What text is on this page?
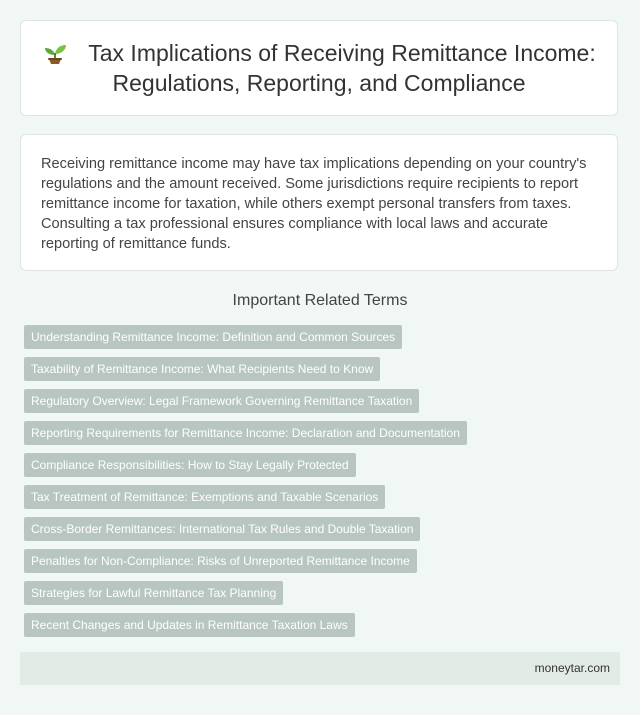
Tax Implications of Receiving Remittance Income: Regulations, Reporting, and Compliance

Receiving remittance income may have tax implications depending on your country's regulations and the amount received. Some jurisdictions require recipients to report remittance income for taxation, while others exempt personal transfers from taxes. Consulting a tax professional ensures compliance with local laws and accurate reporting of remittance funds.

Important Related Terms
Understanding Remittance Income: Definition and Common Sources
Taxability of Remittance Income: What Recipients Need to Know
Regulatory Overview: Legal Framework Governing Remittance Taxation
Reporting Requirements for Remittance Income: Declaration and Documentation
Compliance Responsibilities: How to Stay Legally Protected
Tax Treatment of Remittance: Exemptions and Taxable Scenarios
Cross-Border Remittances: International Tax Rules and Double Taxation
Penalties for Non-Compliance: Risks of Unreported Remittance Income
Strategies for Lawful Remittance Tax Planning
Recent Changes and Updates in Remittance Taxation Laws
moneytar.com
